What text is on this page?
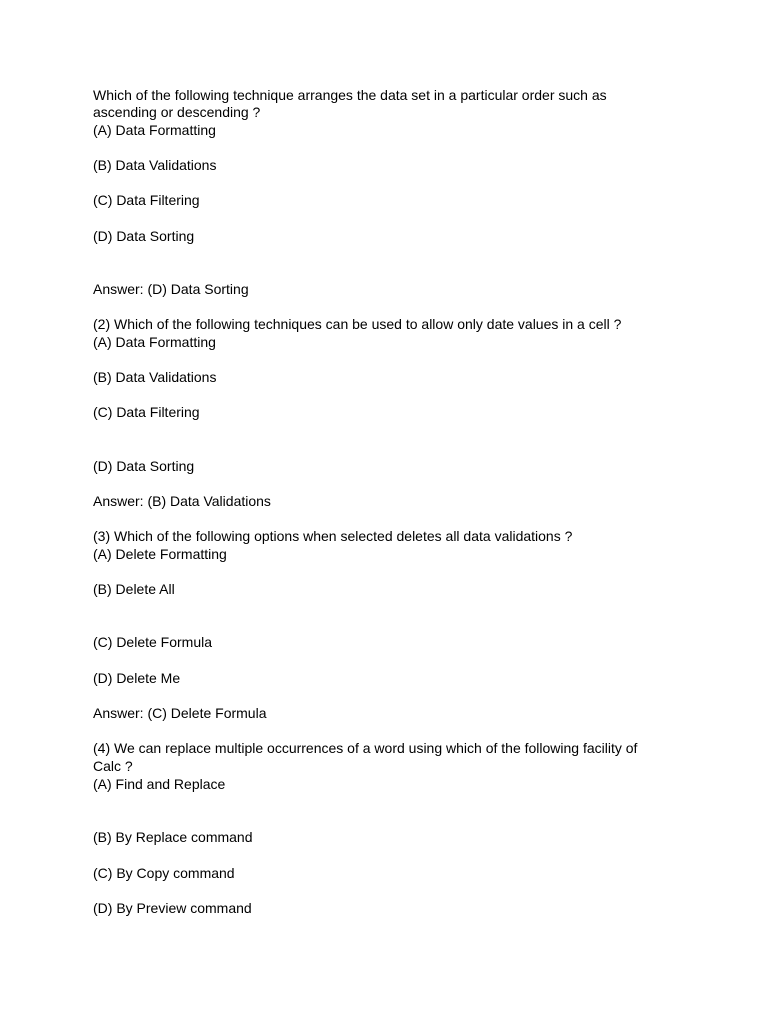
Which of the following technique arranges the data set in a particular order such as
ascending or descending ?
(A) Data Formatting
(B) Data Validations
(C) Data Filtering
(D) Data Sorting
Answer: (D) Data Sorting
(2) Which of the following techniques can be used to allow only date values in a cell ?
(A) Data Formatting
(B) Data Validations
(C) Data Filtering
(D) Data Sorting
Answer: (B) Data Validations
(3) Which of the following options when selected deletes all data validations ?
(A) Delete Formatting
(B) Delete All
(C) Delete Formula
(D) Delete Me
Answer: (C) Delete Formula
(4) We can replace multiple occurrences of a word using which of the following facility of
Calc ?
(A) Find and Replace
(B) By Replace command
(C) By Copy command
(D) By Preview command
